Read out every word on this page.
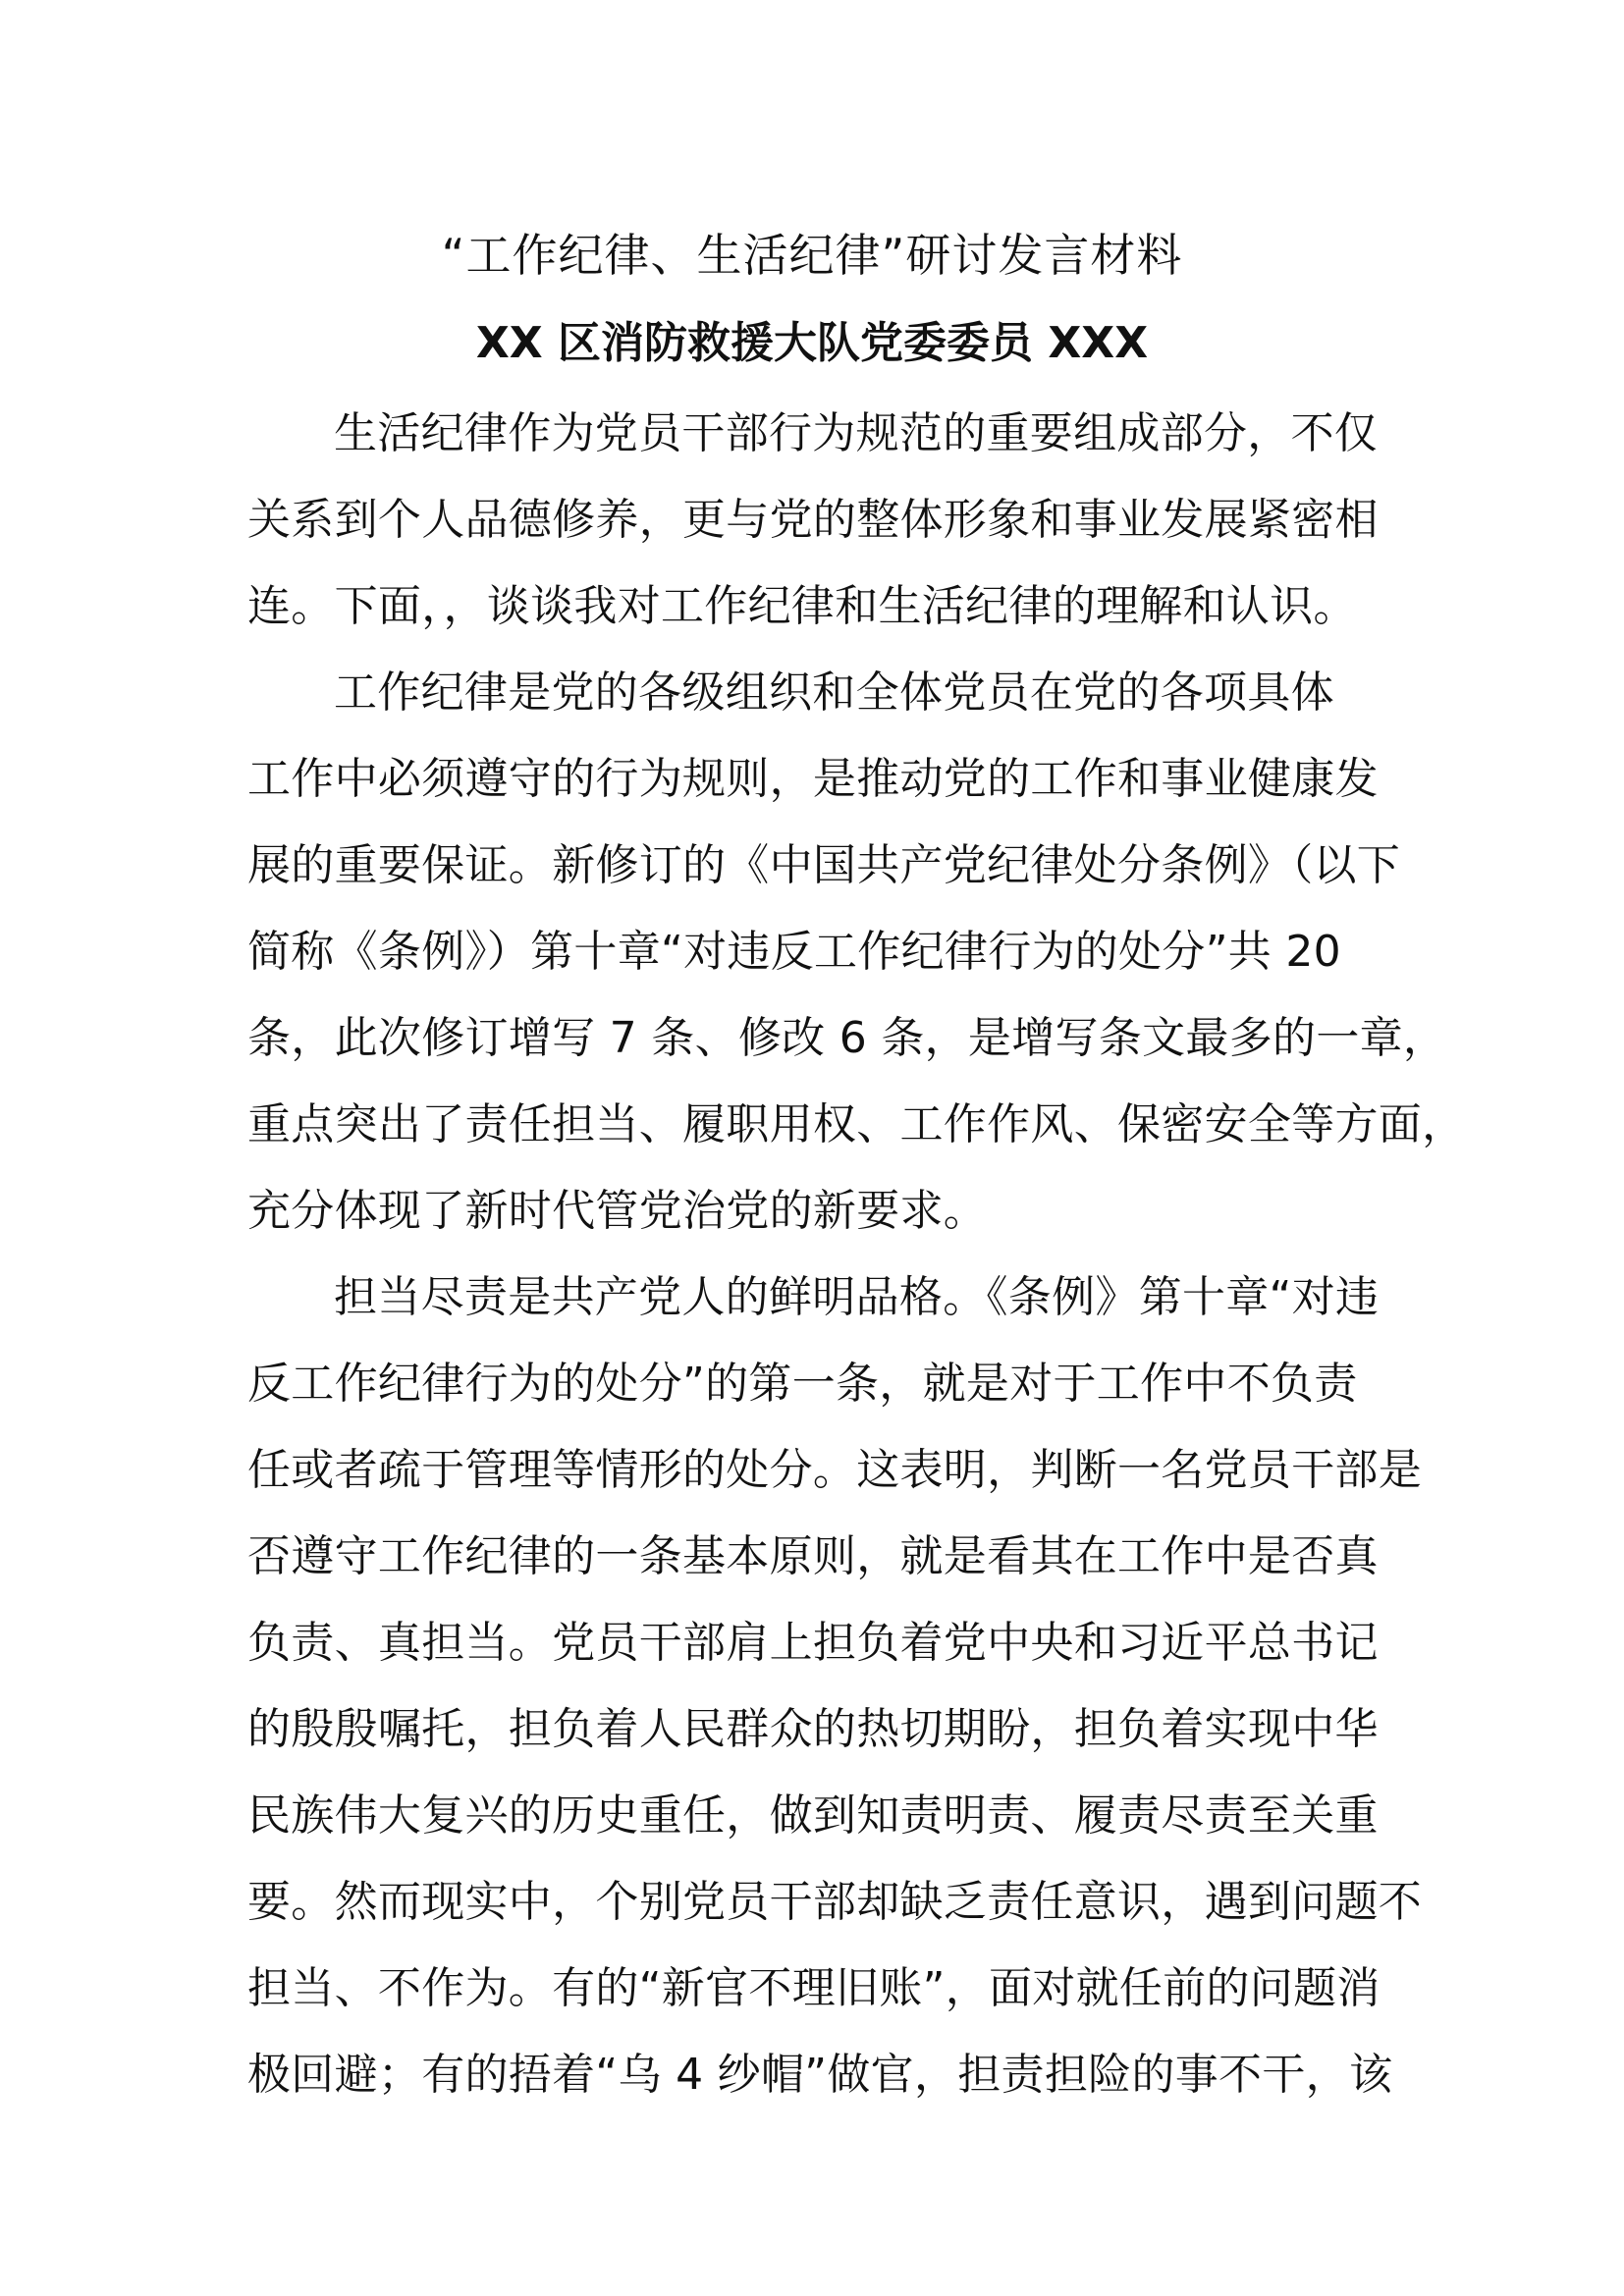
“工作纪律、生活纪律”研讨发言材料
XX 区消防救援大队党委委员 XXX
生活纪律作为党员干部行为规范的重要组成部分，不仅
关系到个人品德修养，更与党的整体形象和事业发展紧密相
连。下面，，谈谈我对工作纪律和生活纪律的理解和认识。
工作纪律是党的各级组织和全体党员在党的各项具体
工作中必须遵守的行为规则，是推动党的工作和事业健康发
展的重要保证。新修订的《中国共产党纪律处分条例》（以下
简称《条例》）第十章“对违反工作纪律行为的处分”共 20
条，此次修订增写 7 条、修改 6 条，是增写条文最多的一章，
重点突出了责任担当、履职用权、工作作风、保密安全等方面，
充分体现了新时代管党治党的新要求。
担当尽责是共产党人的鲜明品格。《条例》第十章“对违
反工作纪律行为的处分”的第一条，就是对于工作中不负责
任或者疏于管理等情形的处分。这表明，判断一名党员干部是
否遵守工作纪律的一条基本原则，就是看其在工作中是否真
负责、真担当。党员干部肩上担负着党中央和习近平总书记
的殷殷嘱托，担负着人民群众的热切期盼，担负着实现中华
民族伟大复兴的历史重任，做到知责明责、履责尽责至关重
要。然而现实中，个别党员干部却缺乏责任意识，遇到问题不
担当、不作为。有的“新官不理旧账”，面对就任前的问题消
极回避；有的捂着“乌 4 纱帽”做官，担责担险的事不干，该
